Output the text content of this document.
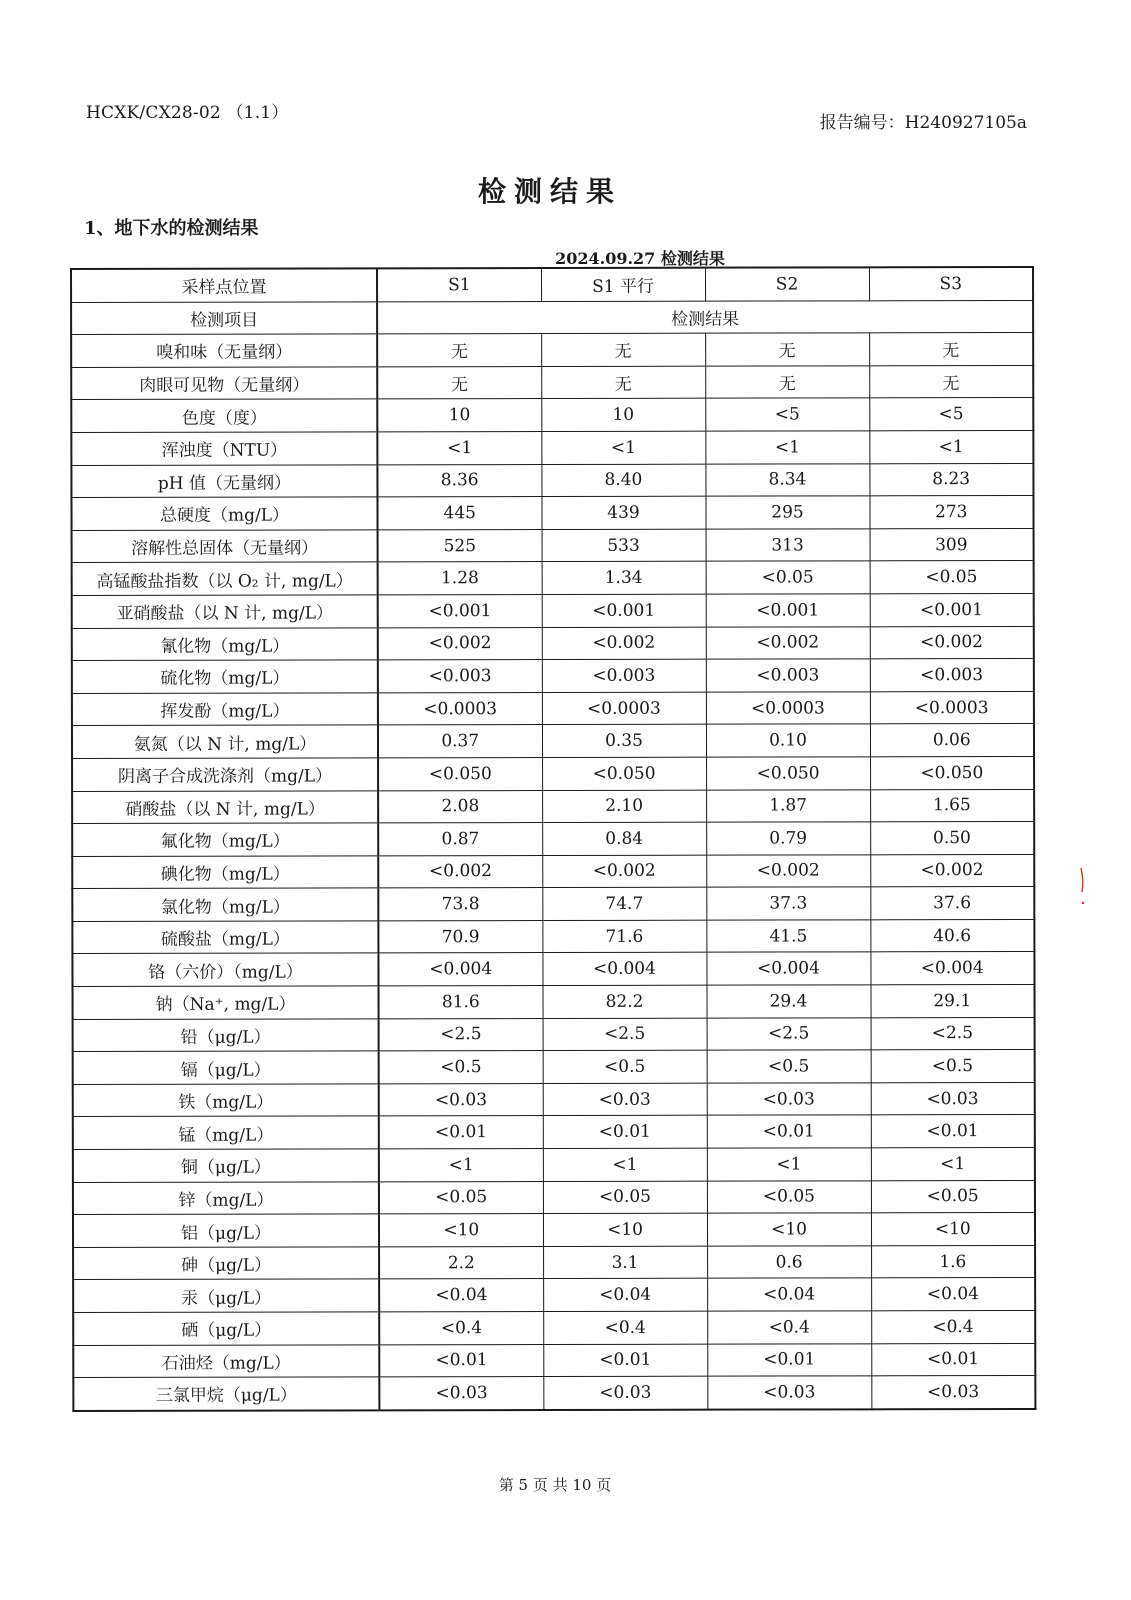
HCXK/CX28-02 （1.1）	报告编号：H240927105a
检测结果
1、地下水的检测结果
2024.09.27 检测结果
采样点位置	S1	S1 平行	S2	S3
检测项目	检测结果			
嗅和味（无量纲）	无	无	无	无
肉眼可见物（无量纲）	无	无	无	无
色度（度）	10	10	<5	<5
浑浊度（NTU）	<1	<1	<1	<1
pH 值（无量纲）	8.36	8.40	8.34	8.23
总硬度（mg/L）	445	439	295	273
溶解性总固体（无量纲）	525	533	313	309
高锰酸盐指数（以 O₂ 计, mg/L）	1.28	1.34	<0.05	<0.05
亚硝酸盐（以 N 计, mg/L）	<0.001	<0.001	<0.001	<0.001
氰化物（mg/L）	<0.002	<0.002	<0.002	<0.002
硫化物（mg/L）	<0.003	<0.003	<0.003	<0.003
挥发酚（mg/L）	<0.0003	<0.0003	<0.0003	<0.0003
氨氮（以 N 计, mg/L）	0.37	0.35	0.10	0.06
阴离子合成洗涤剂（mg/L）	<0.050	<0.050	<0.050	<0.050
硝酸盐（以 N 计, mg/L）	2.08	2.10	1.87	1.65
氟化物（mg/L）	0.87	0.84	0.79	0.50
碘化物（mg/L）	<0.002	<0.002	<0.002	<0.002
氯化物（mg/L）	73.8	74.7	37.3	37.6
硫酸盐（mg/L）	70.9	71.6	41.5	40.6
铬（六价）（mg/L）	<0.004	<0.004	<0.004	<0.004
钠（Na⁺, mg/L）	81.6	82.2	29.4	29.1
铅（μg/L）	<2.5	<2.5	<2.5	<2.5
镉（μg/L）	<0.5	<0.5	<0.5	<0.5
铁（mg/L）	<0.03	<0.03	<0.03	<0.03
锰（mg/L）	<0.01	<0.01	<0.01	<0.01
铜（μg/L）	<1	<1	<1	<1
锌（mg/L）	<0.05	<0.05	<0.05	<0.05
铝（μg/L）	<10	<10	<10	<10
砷（μg/L）	2.2	3.1	0.6	1.6
汞（μg/L）	<0.04	<0.04	<0.04	<0.04
硒（μg/L）	<0.4	<0.4	<0.4	<0.4
石油烃（mg/L）	<0.01	<0.01	<0.01	<0.01
三氯甲烷（μg/L）	<0.03	<0.03	<0.03	<0.03
第 5 页 共 10 页
